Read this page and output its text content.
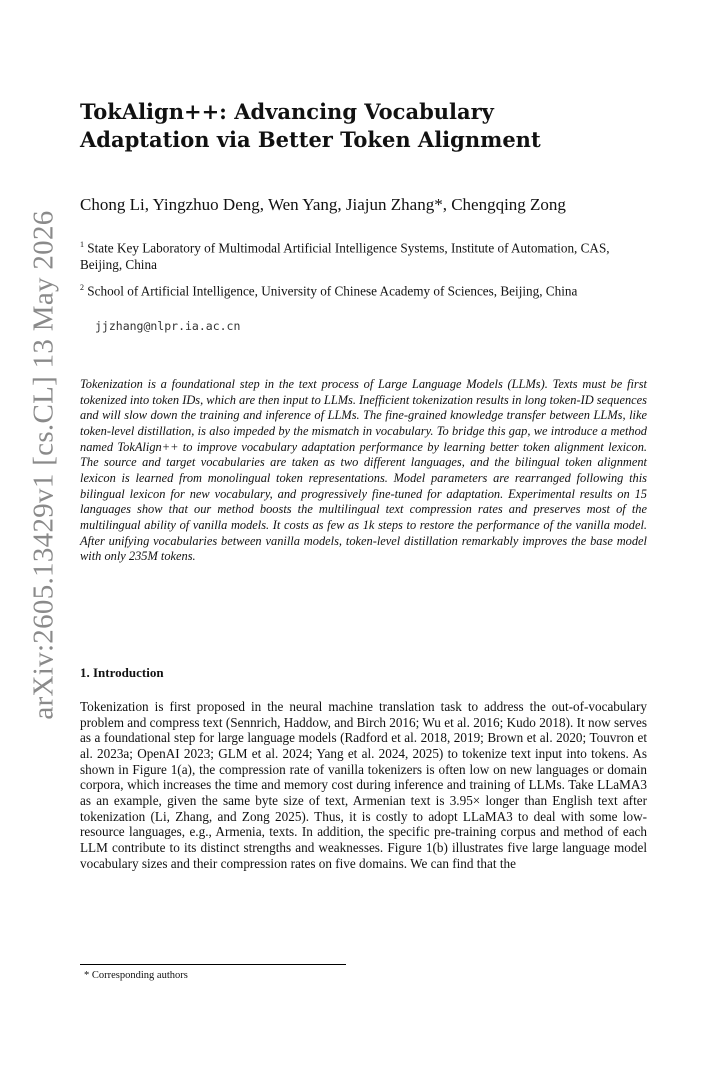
arXiv:2605.13429v1 [cs.CL] 13 May 2026
TokAlign++: Advancing Vocabulary
Adaptation via Better Token Alignment
Chong Li, Yingzhuo Deng, Wen Yang, Jiajun Zhang*, Chengqing Zong
$^1$ State Key Laboratory of Multimodal Artificial Intelligence Systems, Institute of Automation, CAS, Beijing, China
$^2$ School of Artificial Intelligence, University of Chinese Academy of Sciences, Beijing, China
jjzhang@nlpr.ia.ac.cn

Tokenization is a foundational step in the text process of Large Language Models (LLMs). Texts must be first tokenized into token IDs, which are then input to LLMs. Inefficient tokenization results in long token-ID sequences and will slow down the training and inference of LLMs. The fine-grained knowledge transfer between LLMs, like token-level distillation, is also impeded by the mismatch in vocabulary. To bridge this gap, we introduce a method named TokAlign++ to improve vocabulary adaptation performance by learning better token alignment lexicon. The source and target vocabularies are taken as two different languages, and the bilingual token alignment lexicon is learned from monolingual token representations. Model parameters are rearranged following this bilingual lexicon for new vocabulary, and progressively fine-tuned for adaptation. Experimental results on 15 languages show that our method boosts the multilingual text compression rates and preserves most of the multilingual ability of vanilla models. It costs as few as 1k steps to restore the performance of the vanilla model. After unifying vocabularies between vanilla models, token-level distillation remarkably improves the base model with only 235M tokens.

1. Introduction

Tokenization is first proposed in the neural machine translation task to address the out-of-vocabulary problem and compress text (Sennrich, Haddow, and Birch 2016; Wu et al. 2016; Kudo 2018). It now serves as a foundational step for large language models (Radford et al. 2018, 2019; Brown et al. 2020; Touvron et al. 2023a; OpenAI 2023; GLM et al. 2024; Yang et al. 2024, 2025) to tokenize text input into tokens. As shown in Figure 1(a), the compression rate of vanilla tokenizers is often low on new languages or domain corpora, which increases the time and memory cost during inference and training of LLMs. Take LLaMA3 as an example, given the same byte size of text, Armenian text is 3.95× longer than English text after tokenization (Li, Zhang, and Zong 2025). Thus, it is costly to adopt LLaMA3 to deal with some low-resource languages, e.g., Armenia, texts. In addition, the specific pre-training corpus and method of each LLM contribute to its distinct strengths and weaknesses. Figure 1(b) illustrates five large language model vocabulary sizes and their compression rates on five domains. We can find that the

* Corresponding authors
